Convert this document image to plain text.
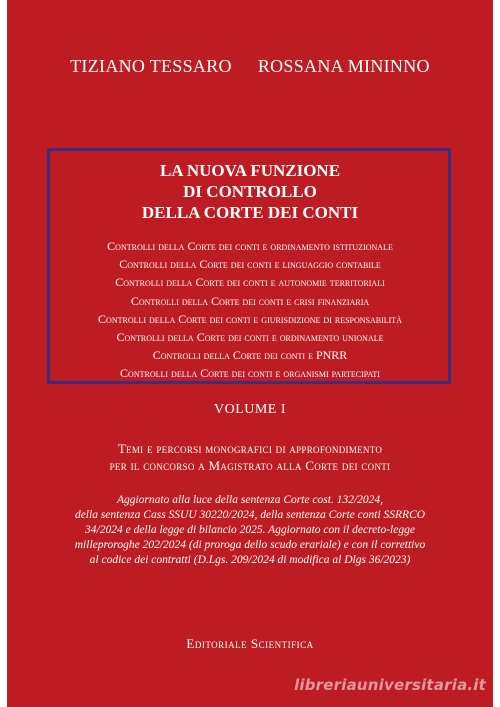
TIZIANO TESSARO ROSSANA MININNO
LA NUOVA FUNZIONE
DI CONTROLLO
DELLA CORTE DEI CONTI
Controlli della Corte dei conti e ordinamento istituzionale
Controlli della Corte dei conti e linguaggio contabile
Controlli della Corte dei conti e autonomie territoriali
Controlli della Corte dei conti e crisi finanziaria
Controlli della Corte dei conti e giurisdizione di responsabilità
Controlli della Corte dei conti e ordinamento unionale
Controlli della Corte dei conti e PNRR
Controlli della Corte dei conti e organismi partecipati
VOLUME I
Temi e percorsi monografici di approfondimento
per il concorso a Magistrato alla Corte dei conti
Aggiornato alla luce della sentenza Corte cost. 132/2024,
della sentenza Cass SSUU 30220/2024, della sentenza Corte conti SSRRCO
34/2024 e della legge di bilancio 2025. Aggiornato con il decreto-legge
milleproroghe 202/2024 (di proroga dello scudo erariale) e con il correttivo
al codice dei contratti (D.Lgs. 209/2024 di modifica al Dlgs 36/2023)
Editoriale Scientifica
libreriauniversitaria.it
